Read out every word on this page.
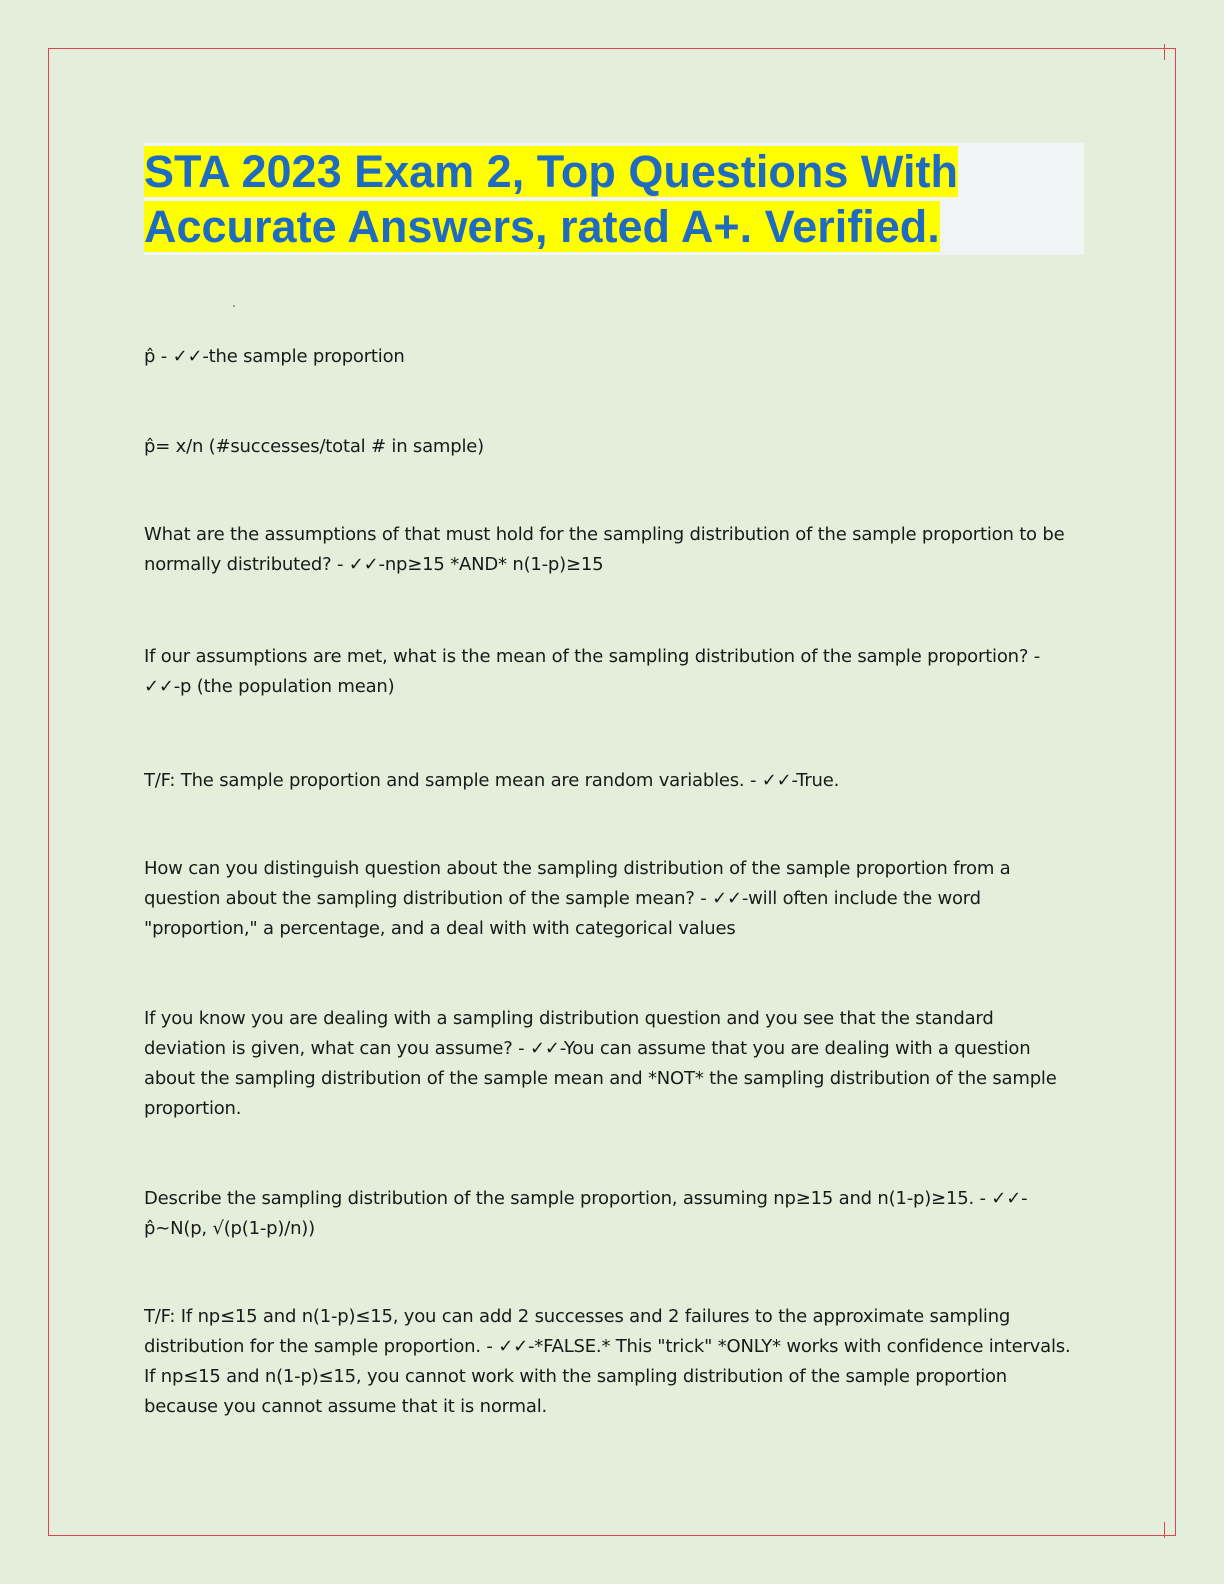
STA 2023 Exam 2, Top Questions With Accurate Answers, rated A+. Verified.

p̂ - ✓✓-the sample proportion

p̂= x/n (#successes/total # in sample)

What are the assumptions of that must hold for the sampling distribution of the sample proportion to be normally distributed? - ✓✓-np≥15 *AND* n(1-p)≥15

If our assumptions are met, what is the mean of the sampling distribution of the sample proportion? - ✓✓-p (the population mean)

T/F: The sample proportion and sample mean are random variables. - ✓✓-True.

How can you distinguish question about the sampling distribution of the sample proportion from a question about the sampling distribution of the sample mean? - ✓✓-will often include the word "proportion," a percentage, and a deal with with categorical values

If you know you are dealing with a sampling distribution question and you see that the standard deviation is given, what can you assume? - ✓✓-You can assume that you are dealing with a question about the sampling distribution of the sample mean and *NOT* the sampling distribution of the sample proportion.

Describe the sampling distribution of the sample proportion, assuming np≥15 and n(1-p)≥15. - ✓✓-p̂~N(p, √(p(1-p)/n))

T/F: If np≤15 and n(1-p)≤15, you can add 2 successes and 2 failures to the approximate sampling distribution for the sample proportion. - ✓✓-*FALSE.* This "trick" *ONLY* works with confidence intervals. If np≤15 and n(1-p)≤15, you cannot work with the sampling distribution of the sample proportion because you cannot assume that it is normal.
